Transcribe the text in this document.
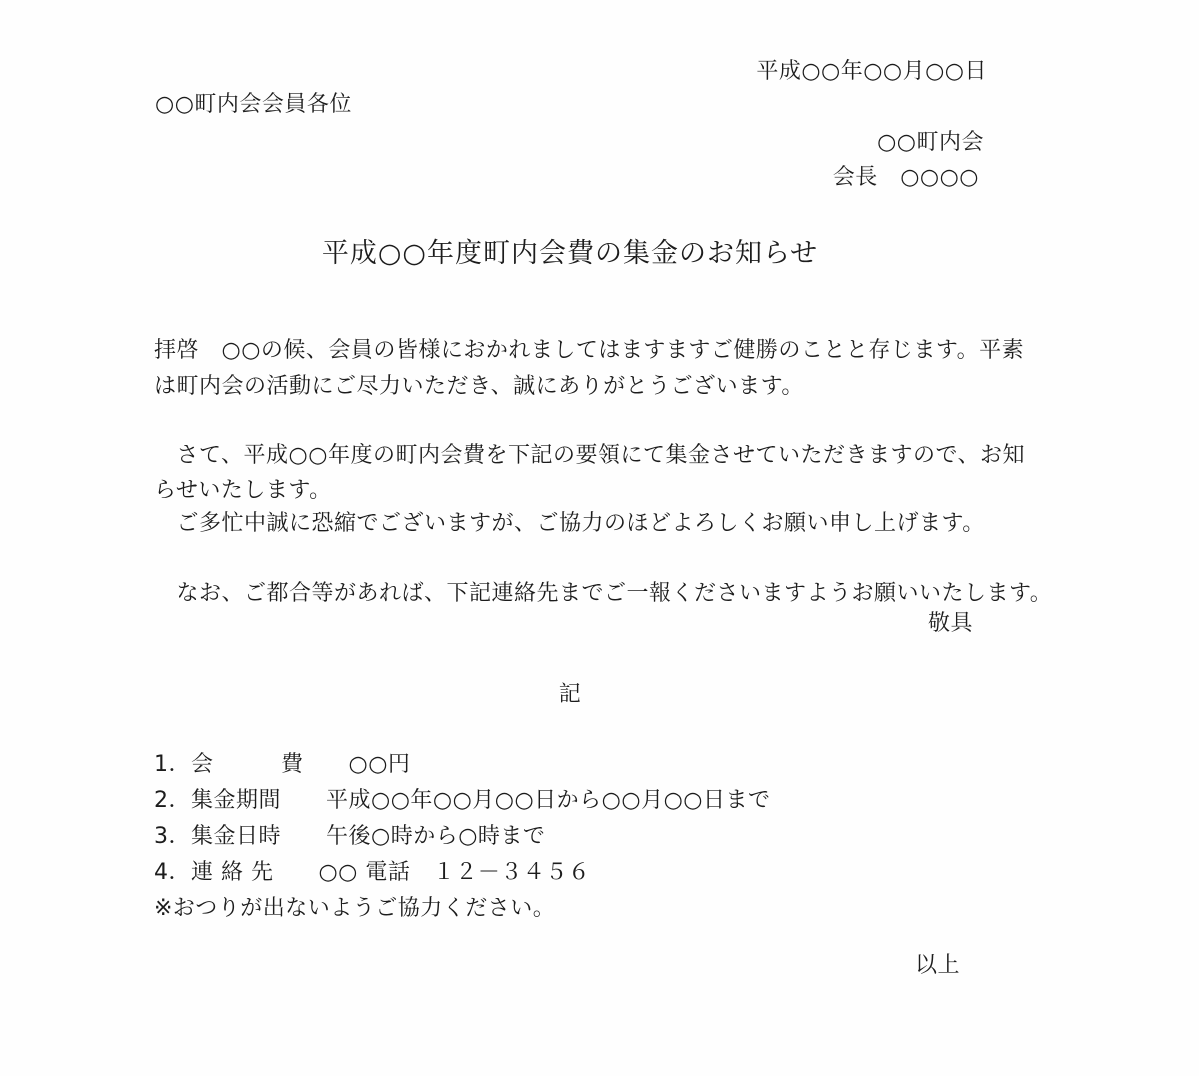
平成○○年○○月○○日
○○町内会会員各位
○○町内会
会長　○○○○
平成○○年度町内会費の集金のお知らせ
拝啓　○○の候、会員の皆様におかれましてはますますご健勝のことと存じます。平素
は町内会の活動にご尽力いただき、誠にありがとうございます。
　さて、平成○○年度の町内会費を下記の要領にて集金させていただきますので、お知
らせいたします。
　ご多忙中誠に恐縮でございますが、ご協力のほどよろしくお願い申し上げます。
　なお、ご都合等があれば、下記連絡先までご一報くださいますようお願いいたします。
敬具
記
1．会　　　費　　○○円
2．集金期間　　平成○○年○○月○○日から○○月○○日まで
3．集金日時　　午後○時から○時まで
4．連 絡 先　　○○ 電話　１２－３４５６
※おつりが出ないようご協力ください。
以上
